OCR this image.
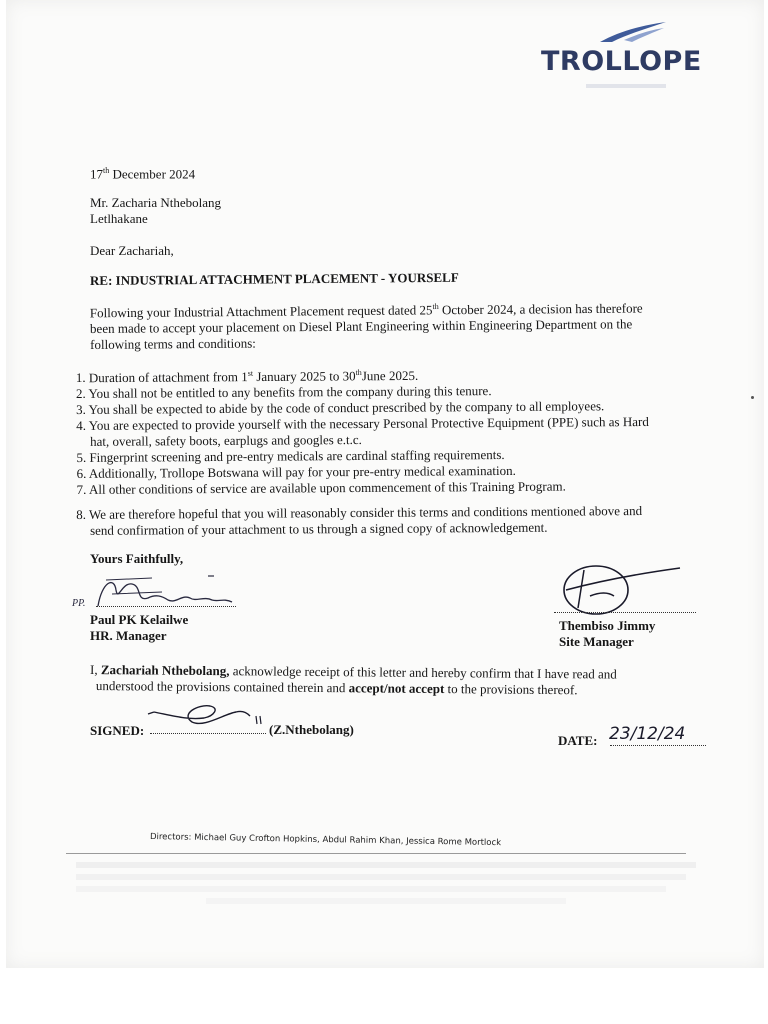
TROLLOPE
17th December 2024
Mr. Zacharia Nthebolang
Letlhakane
Dear Zachariah,
RE: INDUSTRIAL ATTACHMENT PLACEMENT - YOURSELF
Following your Industrial Attachment Placement request dated 25th October 2024, a decision has therefore
been made to accept your placement on Diesel Plant Engineering within Engineering Department on the
following terms and conditions:
1. Duration of attachment from 1st January 2025 to 30thJune 2025.
2. You shall not be entitled to any benefits from the company during this tenure.
3. You shall be expected to abide by the code of conduct prescribed by the company to all employees.
4. You are expected to provide yourself with the necessary Personal Protective Equipment (PPE) such as Hard
hat, overall, safety boots, earplugs and googles e.t.c.
5. Fingerprint screening and pre-entry medicals are cardinal staffing requirements.
6. Additionally, Trollope Botswana will pay for your pre-entry medical examination.
7. All other conditions of service are available upon commencement of this Training Program.
8. We are therefore hopeful that you will reasonably consider this terms and conditions mentioned above and
send confirmation of your attachment to us through a signed copy of acknowledgement.
Yours Faithfully,
PP.
Paul PK Kelailwe
HR. Manager
Thembiso Jimmy
Site Manager
I, Zachariah Nthebolang, acknowledge receipt of this letter and hereby confirm that I have read and
understood the provisions contained therein and accept/not accept to the provisions thereof.
SIGNED:	(Z.Nthebolang)
DATE: 23/12/24
Directors: Michael Guy Crofton Hopkins, Abdul Rahim Khan, Jessica Rome Mortlock
